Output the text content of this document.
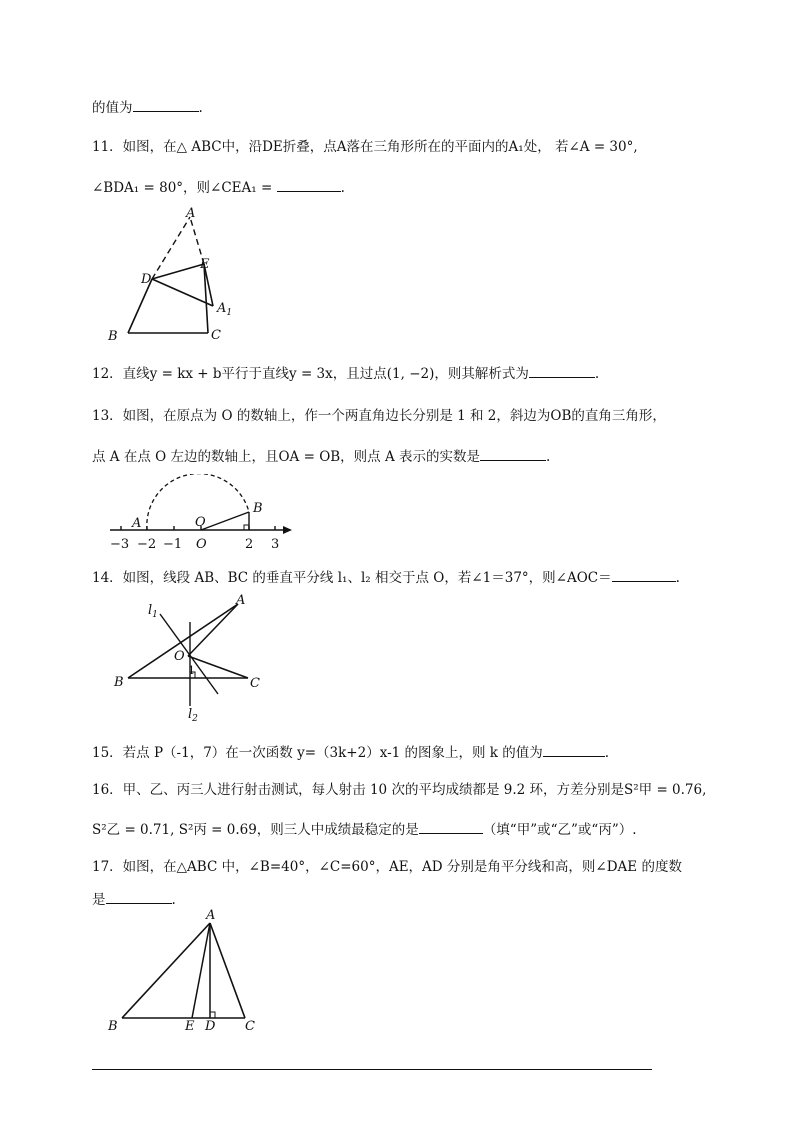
的值为	.
11．如图，在△ ABC中，沿DE折叠，点A落在三角形所在的平面内的A₁处， 若∠A = 30°,
∠BDA₁ = 80°，则∠CEA₁ =	.
A
D
E
$A_1$
B	C
12．直线y = kx + b平行于直线y = 3x，且过点(1, −2)，则其解析式为	.
13．如图，在原点为 O 的数轴上，作一个两直角边长分别是 1 和 2，斜边为OB的直角三角形，
点 A 在点 O 左边的数轴上，且OA = OB，则点 A 表示的实数是	.
A	O
B
−3 −2 −1 O	2 3
14．如图，线段 AB、BC 的垂直平分线 l₁、l₂ 相交于点 O，若∠1＝37°，则∠AOC＝	.
$l_1$
A
O
1
B	C
$l_2$
15．若点 P（-1，7）在一次函数 y=（3k+2）x-1 的图象上，则 k 的值为	.
16．甲、乙、丙三人进行射击测试，每人射击 10 次的平均成绩都是 9.2 环，方差分别是S²甲 = 0.76,
S²乙 = 0.71, S²丙 = 0.69，则三人中成绩最稳定的是	（填“甲”或“乙”或“丙”）.
17．如图，在△ABC 中，∠B=40°，∠C=60°，AE，AD 分别是角平分线和高，则∠DAE 的度数
是	.
A
B	E D C
